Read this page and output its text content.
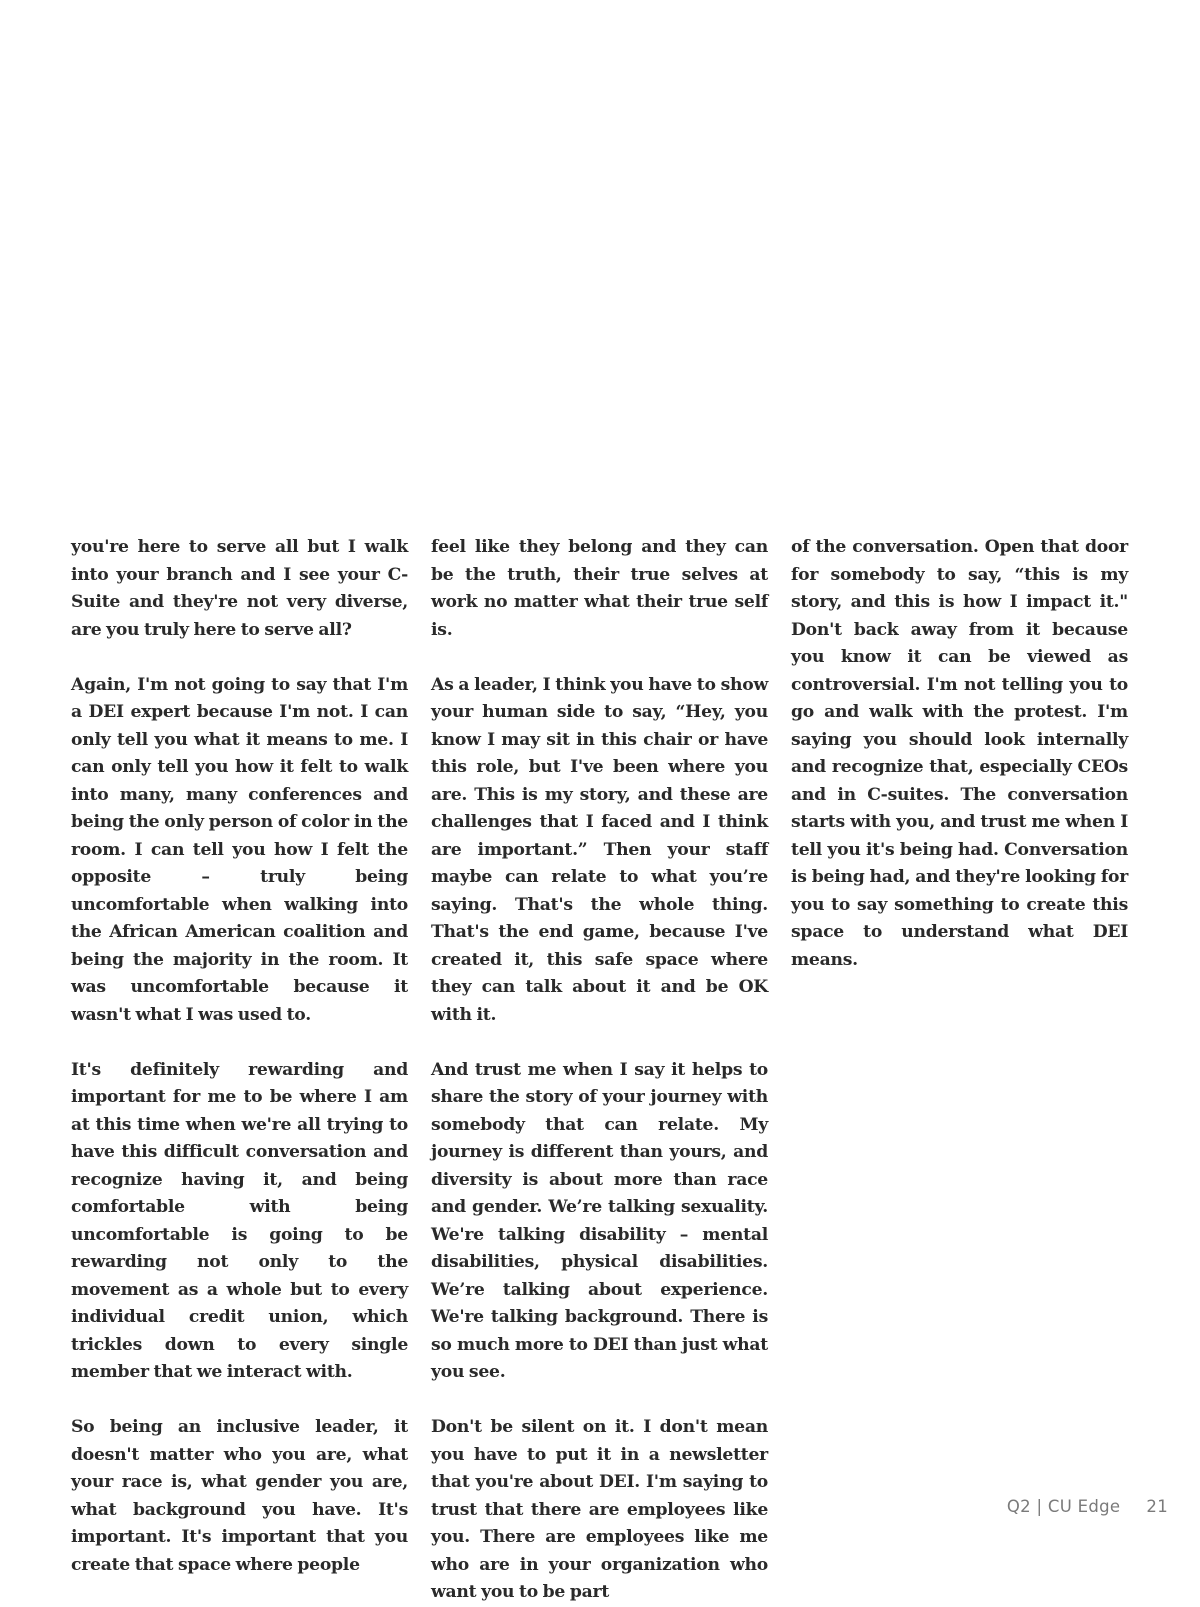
you're here to serve all but I walk into your branch and I see your C-Suite and they're not very diverse, are you truly here to serve all?

Again, I'm not going to say that I'm a DEI expert because I'm not. I can only tell you what it means to me. I can only tell you how it felt to walk into many, many conferences and being the only person of color in the room. I can tell you how I felt the opposite – truly being uncomfortable when walking into the African American coalition and being the majority in the room. It was uncomfortable because it wasn't what I was used to.

It's definitely rewarding and important for me to be where I am at this time when we're all trying to have this difficult conversation and recognize having it, and being comfortable with being uncomfortable is going to be rewarding not only to the movement as a whole but to every individual credit union, which trickles down to every single member that we interact with.

So being an inclusive leader, it doesn't matter who you are, what your race is, what gender you are, what background you have. It's important. It's important that you create that space where people

feel like they belong and they can be the truth, their true selves at work no matter what their true self is.

As a leader, I think you have to show your human side to say, “Hey, you know I may sit in this chair or have this role, but I've been where you are. This is my story, and these are challenges that I faced and I think are important.” Then your staff maybe can relate to what you’re saying. That's the whole thing. That's the end game, because I've created it, this safe space where they can talk about it and be OK with it.

And trust me when I say it helps to share the story of your journey with somebody that can relate. My journey is different than yours, and diversity is about more than race and gender. We’re talking sexuality. We're talking disability – mental disabilities, physical disabilities. We’re talking about experience. We're talking background. There is so much more to DEI than just what you see.

Don't be silent on it. I don't mean you have to put it in a newsletter that you're about DEI. I'm saying to trust that there are employees like you. There are employees like me who are in your organization who want you to be part

of the conversation. Open that door for somebody to say, “this is my story, and this is how I impact it." Don't back away from it because you know it can be viewed as controversial. I'm not telling you to go and walk with the protest. I'm saying you should look internally and recognize that, especially CEOs and in C-suites. The conversation starts with you, and trust me when I tell you it's being had. Conversation is being had, and they're looking for you to say something to create this space to understand what DEI means.

Q2 | CU Edge 21
